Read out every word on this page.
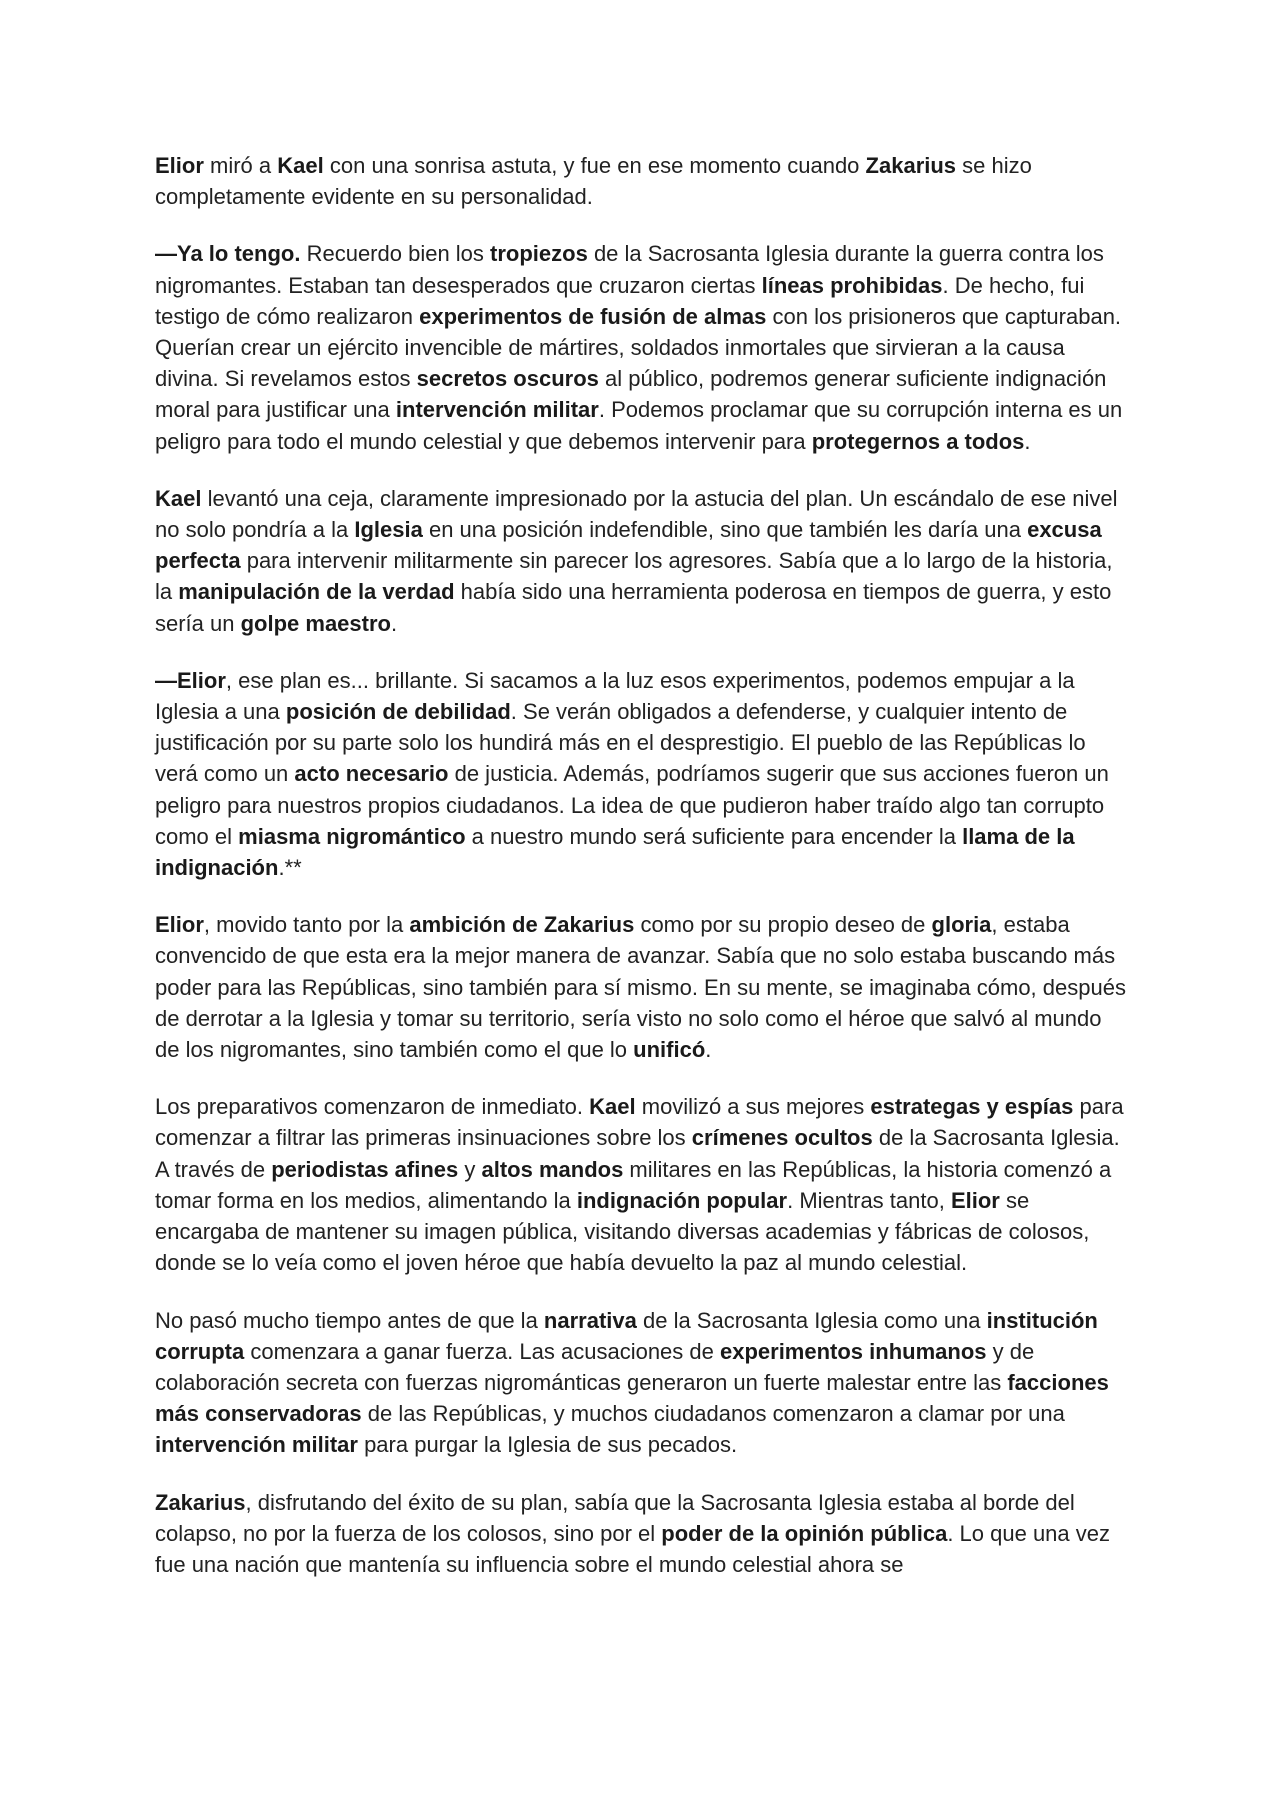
Elior miró a Kael con una sonrisa astuta, y fue en ese momento cuando Zakarius se hizo completamente evidente en su personalidad.

—Ya lo tengo. Recuerdo bien los tropiezos de la Sacrosanta Iglesia durante la guerra contra los nigromantes. Estaban tan desesperados que cruzaron ciertas líneas prohibidas. De hecho, fui testigo de cómo realizaron experimentos de fusión de almas con los prisioneros que capturaban. Querían crear un ejército invencible de mártires, soldados inmortales que sirvieran a la causa divina. Si revelamos estos secretos oscuros al público, podremos generar suficiente indignación moral para justificar una intervención militar. Podemos proclamar que su corrupción interna es un peligro para todo el mundo celestial y que debemos intervenir para protegernos a todos.

Kael levantó una ceja, claramente impresionado por la astucia del plan. Un escándalo de ese nivel no solo pondría a la Iglesia en una posición indefendible, sino que también les daría una excusa perfecta para intervenir militarmente sin parecer los agresores. Sabía que a lo largo de la historia, la manipulación de la verdad había sido una herramienta poderosa en tiempos de guerra, y esto sería un golpe maestro.

—Elior, ese plan es... brillante. Si sacamos a la luz esos experimentos, podemos empujar a la Iglesia a una posición de debilidad. Se verán obligados a defenderse, y cualquier intento de justificación por su parte solo los hundirá más en el desprestigio. El pueblo de las Repúblicas lo verá como un acto necesario de justicia. Además, podríamos sugerir que sus acciones fueron un peligro para nuestros propios ciudadanos. La idea de que pudieron haber traído algo tan corrupto como el miasma nigromántico a nuestro mundo será suficiente para encender la llama de la indignación.**

Elior, movido tanto por la ambición de Zakarius como por su propio deseo de gloria, estaba convencido de que esta era la mejor manera de avanzar. Sabía que no solo estaba buscando más poder para las Repúblicas, sino también para sí mismo. En su mente, se imaginaba cómo, después de derrotar a la Iglesia y tomar su territorio, sería visto no solo como el héroe que salvó al mundo de los nigromantes, sino también como el que lo unificó.

Los preparativos comenzaron de inmediato. Kael movilizó a sus mejores estrategas y espías para comenzar a filtrar las primeras insinuaciones sobre los crímenes ocultos de la Sacrosanta Iglesia. A través de periodistas afines y altos mandos militares en las Repúblicas, la historia comenzó a tomar forma en los medios, alimentando la indignación popular. Mientras tanto, Elior se encargaba de mantener su imagen pública, visitando diversas academias y fábricas de colosos, donde se lo veía como el joven héroe que había devuelto la paz al mundo celestial.

No pasó mucho tiempo antes de que la narrativa de la Sacrosanta Iglesia como una institución corrupta comenzara a ganar fuerza. Las acusaciones de experimentos inhumanos y de colaboración secreta con fuerzas nigrománticas generaron un fuerte malestar entre las facciones más conservadoras de las Repúblicas, y muchos ciudadanos comenzaron a clamar por una intervención militar para purgar la Iglesia de sus pecados.

Zakarius, disfrutando del éxito de su plan, sabía que la Sacrosanta Iglesia estaba al borde del colapso, no por la fuerza de los colosos, sino por el poder de la opinión pública. Lo que una vez fue una nación que mantenía su influencia sobre el mundo celestial ahora se
